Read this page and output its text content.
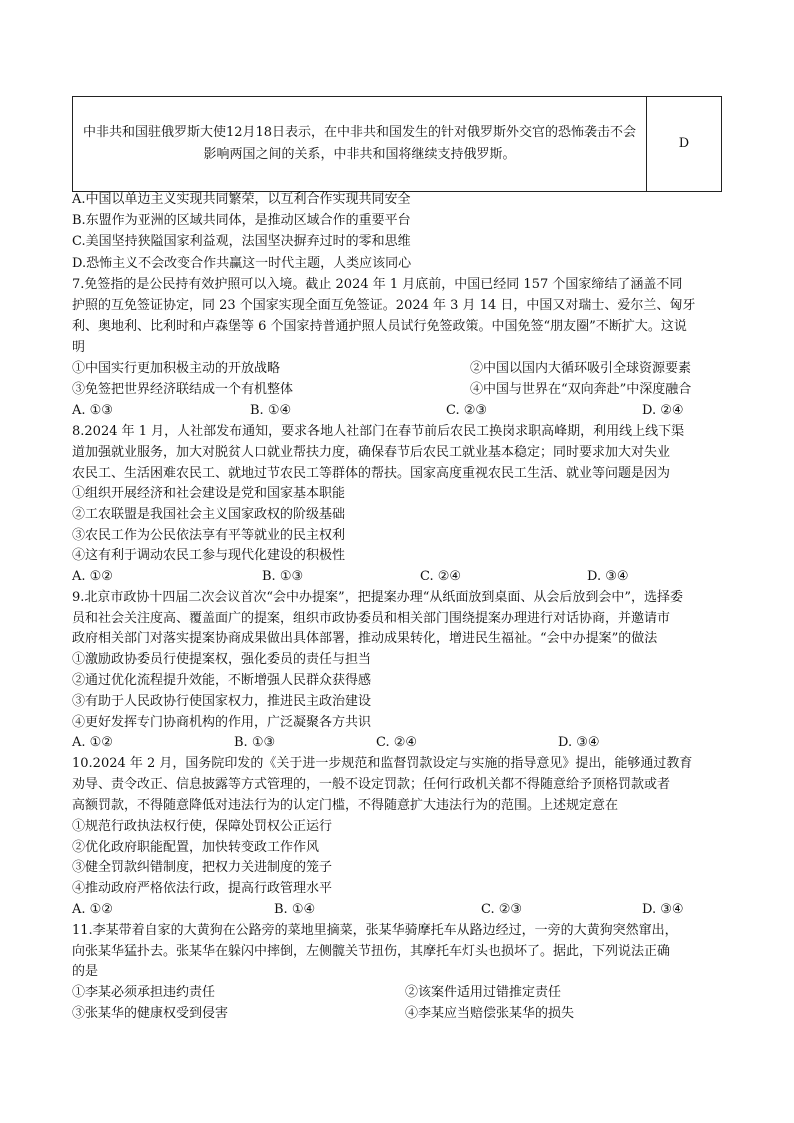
中非共和国驻俄罗斯大使12月18日表示，在中非共和国发生的针对俄罗斯外交官的恐怖袭击不会影响两国之间的关系，中非共和国将继续支持俄罗斯。	D
A.中国以单边主义实现共同繁荣，以互利合作实现共同安全
B.东盟作为亚洲的区域共同体，是推动区域合作的重要平台
C.美国坚持狭隘国家利益观，法国坚决摒弃过时的零和思维
D.恐怖主义不会改变合作共赢这一时代主题，人类应该同心
7.免签指的是公民持有效护照可以入境。截止 2024 年 1 月底前，中国已经同 157 个国家缔结了涵盖不同
护照的互免签证协定，同 23 个国家实现全面互免签证。2024 年 3 月 14 日，中国又对瑞士、爱尔兰、匈牙
利、奥地利、比利时和卢森堡等 6 个国家持普通护照人员试行免签政策。中国免签“朋友圈”不断扩大。这说
明
①中国实行更加积极主动的开放战略	②中国以国内大循环吸引全球资源要素
③免签把世界经济联结成一个有机整体	④中国与世界在“双向奔赴”中深度融合
A. ①③	B. ①④	C. ②③	D. ②④
8.2024 年 1 月，人社部发布通知，要求各地人社部门在春节前后农民工换岗求职高峰期，利用线上线下渠
道加强就业服务，加大对脱贫人口就业帮扶力度，确保春节后农民工就业基本稳定；同时要求加大对失业
农民工、生活困难农民工、就地过节农民工等群体的帮扶。国家高度重视农民工生活、就业等问题是因为
①组织开展经济和社会建设是党和国家基本职能
②工农联盟是我国社会主义国家政权的阶级基础
③农民工作为公民依法享有平等就业的民主权利
④这有利于调动农民工参与现代化建设的积极性
A. ①②	B. ①③	C. ②④	D. ③④
9.北京市政协十四届二次会议首次“会中办提案”，把提案办理“从纸面放到桌面、从会后放到会中”，选择委
员和社会关注度高、覆盖面广的提案，组织市政协委员和相关部门围绕提案办理进行对话协商，并邀请市
政府相关部门对落实提案协商成果做出具体部署，推动成果转化，增进民生福祉。“会中办提案”的做法
①激励政协委员行使提案权，强化委员的责任与担当
②通过优化流程提升效能，不断增强人民群众获得感
③有助于人民政协行使国家权力，推进民主政治建设
④更好发挥专门协商机构的作用，广泛凝聚各方共识
A. ①②	B. ①③	C. ②④	D. ③④
10.2024 年 2 月，国务院印发的《关于进一步规范和监督罚款设定与实施的指导意见》提出，能够通过教育
劝导、责令改正、信息披露等方式管理的，一般不设定罚款；任何行政机关都不得随意给予顶格罚款或者
高额罚款，不得随意降低对违法行为的认定门槛，不得随意扩大违法行为的范围。上述规定意在
①规范行政执法权行使，保障处罚权公正运行
②优化政府职能配置，加快转变政工作作风
③健全罚款纠错制度，把权力关进制度的笼子
④推动政府严格依法行政，提高行政管理水平
A. ①②	B. ①④	C. ②③	D. ③④
11.李某带着自家的大黄狗在公路旁的菜地里摘菜，张某华骑摩托车从路边经过，一旁的大黄狗突然窜出，
向张某华猛扑去。张某华在躲闪中摔倒，左侧髋关节扭伤，其摩托车灯头也损坏了。据此，下列说法正确
的是
①李某必须承担违约责任	②该案件适用过错推定责任
③张某华的健康权受到侵害	④李某应当赔偿张某华的损失
